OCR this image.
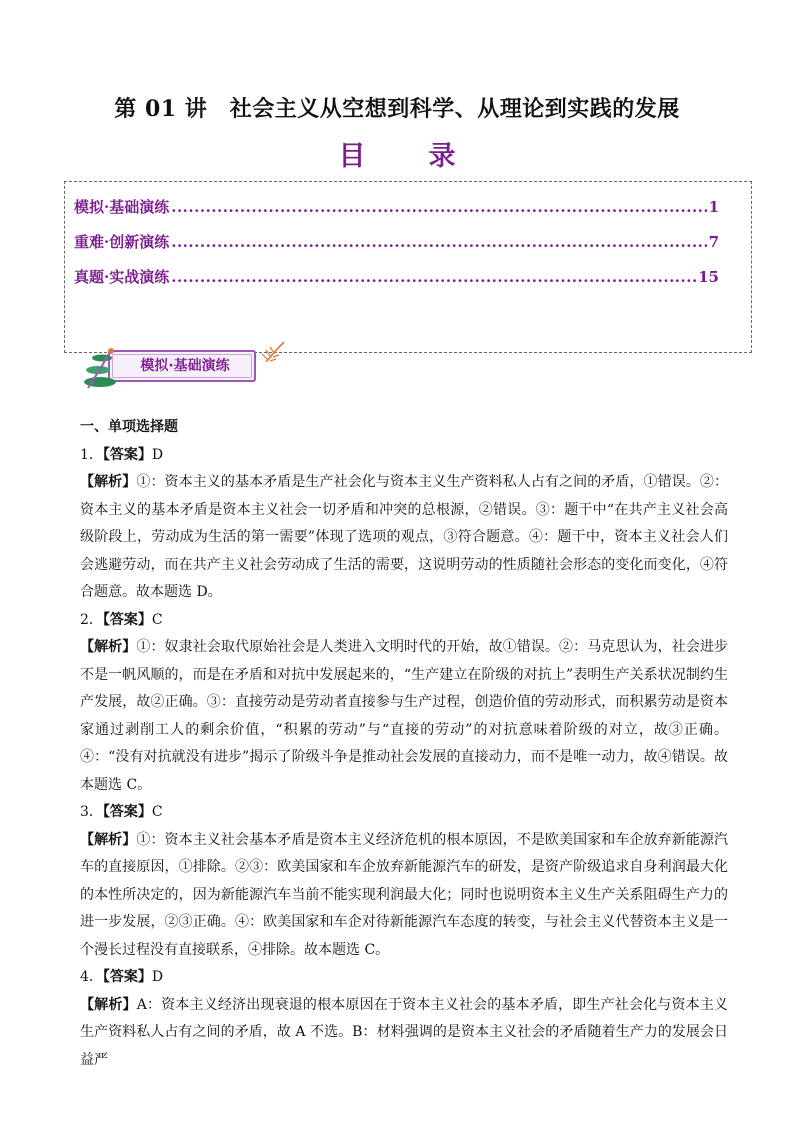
第 01 讲　社会主义从空想到科学、从理论到实践的发展
目　录
模拟·基础演练 .....	1
重难·创新演练 .....	7
真题·实战演练 .....	15
模拟·基础演练

一、单项选择题

1．【答案】D

【解析】①：资本主义的基本矛盾是生产社会化与资本主义生产资料私人占有之间的矛盾，①错误。②：资本主义的基本矛盾是资本主义社会一切矛盾和冲突的总根源，②错误。③：题干中“在共产主义社会高级阶段上，劳动成为生活的第一需要”体现了选项的观点，③符合题意。④：题干中，资本主义社会人们会逃避劳动，而在共产主义社会劳动成了生活的需要，这说明劳动的性质随社会形态的变化而变化，④符合题意。故本题选 D。

2．【答案】C

【解析】①：奴隶社会取代原始社会是人类进入文明时代的开始，故①错误。②：马克思认为，社会进步不是一帆风顺的，而是在矛盾和对抗中发展起来的，“生产建立在阶级的对抗上”表明生产关系状况制约生产发展，故②正确。③：直接劳动是劳动者直接参与生产过程，创造价值的劳动形式，而积累劳动是资本家通过剥削工人的剩余价值，“积累的劳动”与“直接的劳动”的对抗意味着阶级的对立，故③正确。④：“没有对抗就没有进步”揭示了阶级斗争是推动社会发展的直接动力，而不是唯一动力，故④错误。故本题选 C。

3．【答案】C

【解析】①：资本主义社会基本矛盾是资本主义经济危机的根本原因，不是欧美国家和车企放弃新能源汽车的直接原因，①排除。②③：欧美国家和车企放弃新能源汽车的研发，是资产阶级追求自身利润最大化的本性所决定的，因为新能源汽车当前不能实现利润最大化；同时也说明资本主义生产关系阻碍生产力的进一步发展，②③正确。④：欧美国家和车企对待新能源汽车态度的转变，与社会主义代替资本主义是一个漫长过程没有直接联系，④排除。故本题选 C。

4．【答案】D

【解析】A：资本主义经济出现衰退的根本原因在于资本主义社会的基本矛盾，即生产社会化与资本主义生产资料私人占有之间的矛盾，故 A 不选。B：材料强调的是资本主义社会的矛盾随着生产力的发展会日益严
